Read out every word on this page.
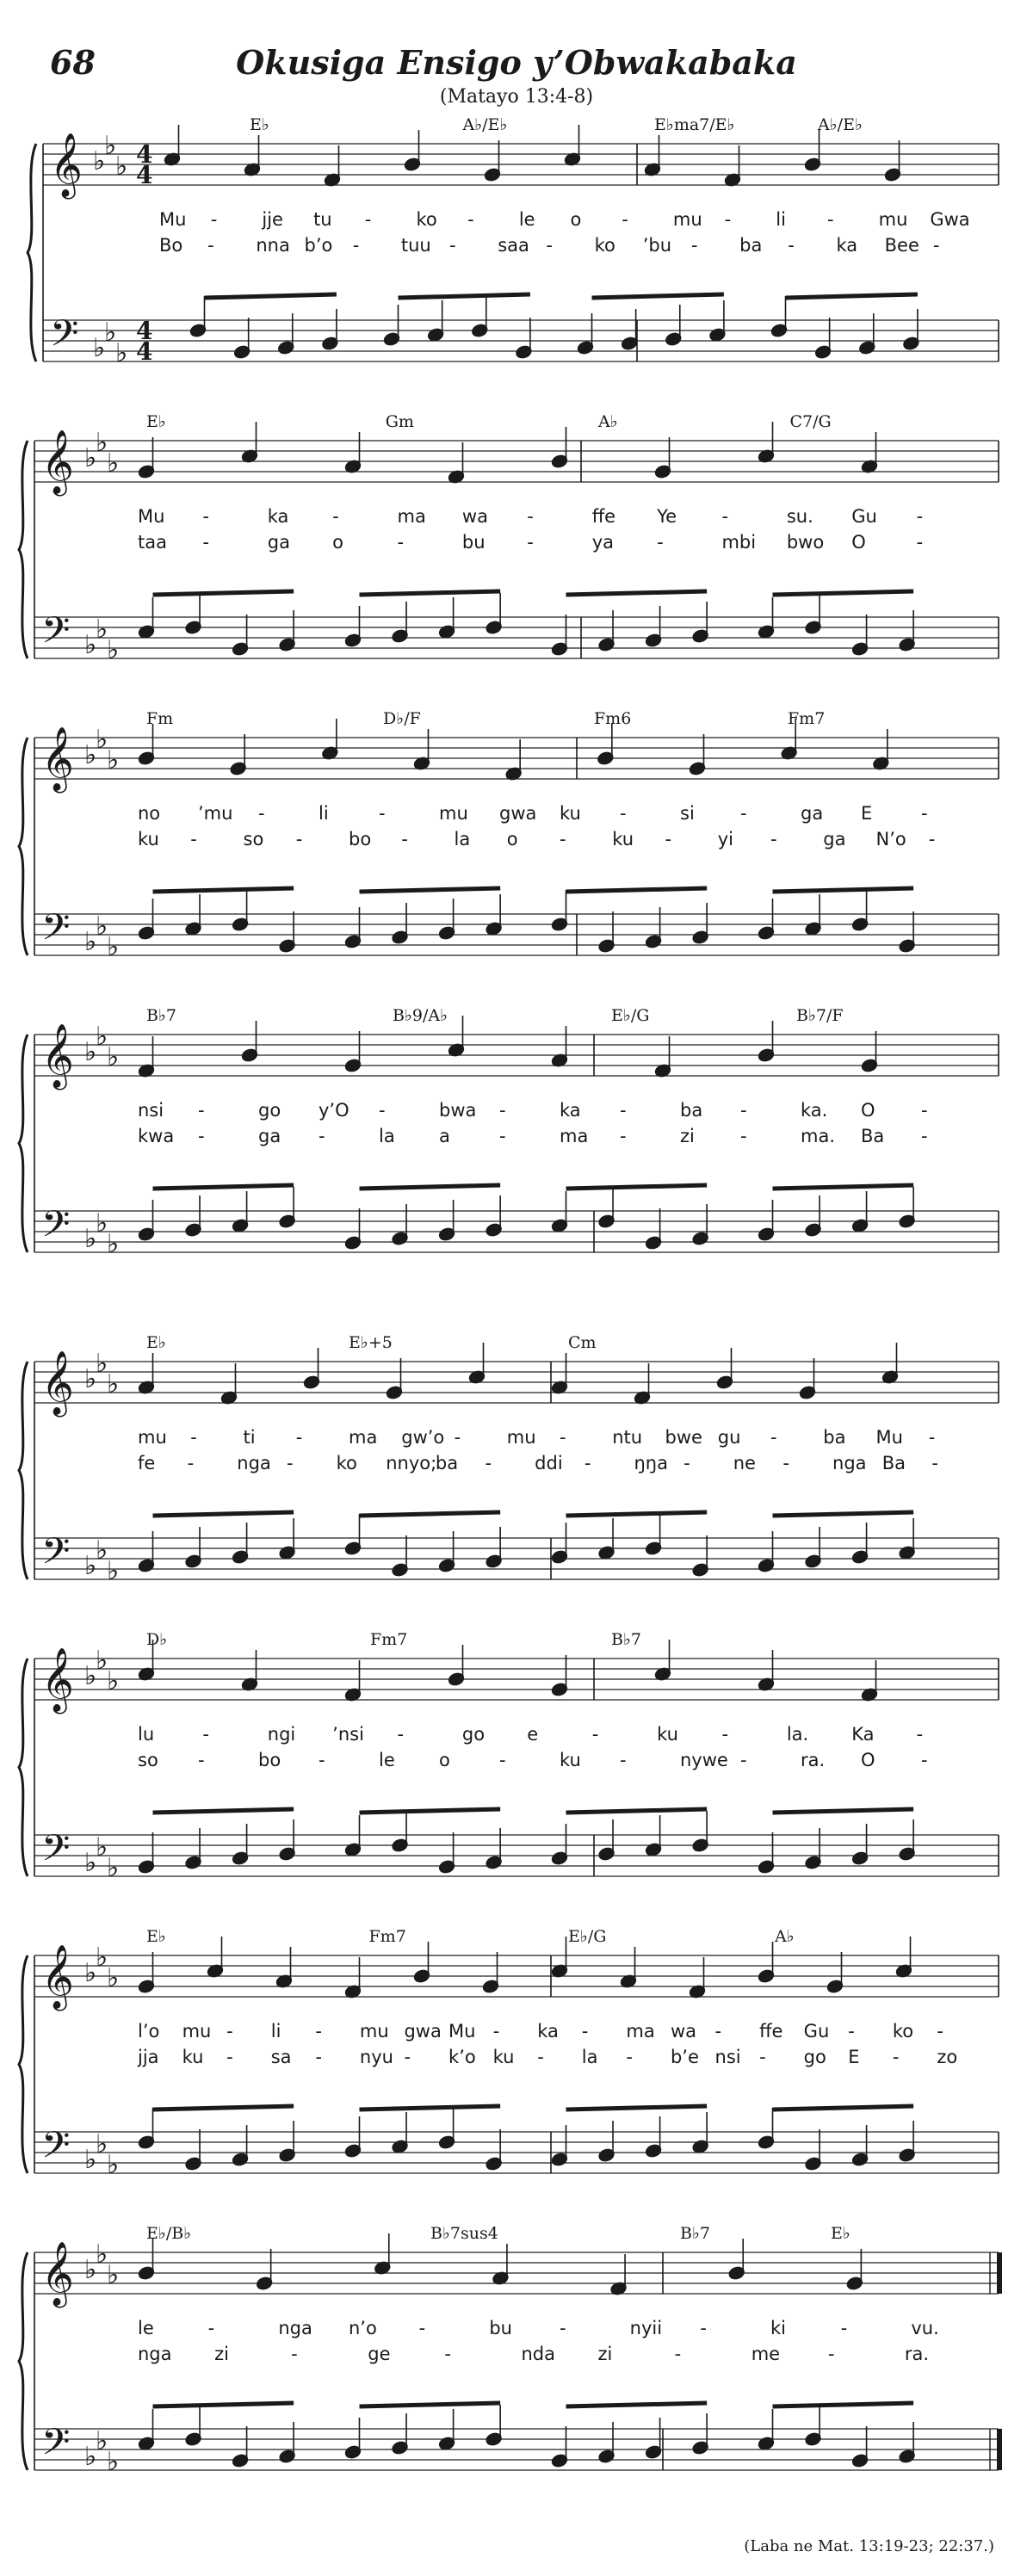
68	Okusiga Ensigo y’Obwakabaka
(Matayo 13:4-8)
(Laba ne Mat. 13:19-23; 22:37.)
𝄞
𝄢
♭
♭
♭
♭
♭
♭
4
4
4
4
E♭	A♭/E♭	E♭ma7/E♭	A♭/E♭
Mu - jje tu - ko - le o - mu - li - mu Gwa
Bo - nna b’o - tuu - saa - ko ’bu - ba - ka Bee -
𝄞
𝄢
♭
♭
♭
♭
♭
♭
E♭	Gm	A♭	C7/G
Mu -	ka -	ma wa -	ffe Ye -	su. Gu -
taa -	ga o	-	bu -	ya -	mbi bwo O	-
𝄞
𝄢
♭
♭
♭
♭
♭
♭
Fm	D♭/F	Fm6	Fm7
no ’mu -	li	-	mu gwa ku -	si	-	ga E	-
ku -	so -	bo -	la o -	ku -	yi -	ga N’o -
𝄞
𝄢
♭
♭
♭
♭
♭
♭
B♭7	B♭9/A♭	E♭/G	B♭7/F
nsi -	go y’O -	bwa -	ka -	ba -	ka. O	-
kwa -	ga -	la a	-	ma -	zi	-	ma. Ba -
𝄞
𝄢
♭
♭
♭
♭
♭
♭
E♭	E♭+5	Cm
mu -	ti -	ma gw’o -	mu -	ntu bwe gu -	ba Mu -
fe - nga - ko nnyo;
ba - ddi - ŋŋa - ne - nga Ba -
𝄞
𝄢
♭
♭
♭
♭
♭
♭
D♭	Fm7	B♭7
lu	-	ngi ’nsi -	go e	-	ku -	la. Ka -
so -	bo -	le o	-	ku -	nywe -	ra. O	-
𝄞
𝄢
♭
♭
♭
♭
♭
♭
E♭	Fm7	E♭/G	A♭
l’o mu - li - mu gwa Mu - ka - ma wa - ffe Gu - ko -
jja ku - sa - nyu - k’o ku - la - b’e nsi - go E - zo
𝄞
𝄢
♭
♭
♭
♭
♭
♭
E♭/B♭	B♭7sus4	B♭7	E♭
le	-	nga n’o -	bu	-	nyii -	ki	-	vu.
nga zi	-	ge	-	nda zi	-	me	-	ra.
